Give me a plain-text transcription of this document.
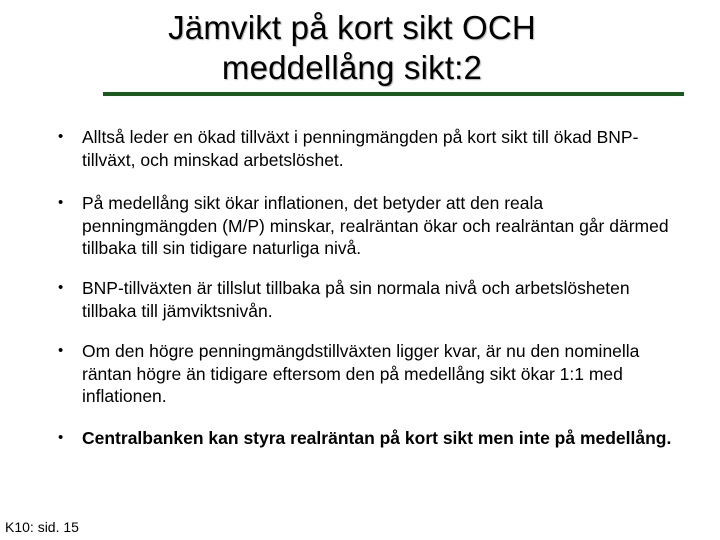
Jämvikt på kort sikt OCH
meddellång sikt:2
• Alltså leder en ökad tillväxt i penningmängden på kort sikt till ökad BNP-tillväxt, och minskad arbetslöshet.
• På medellång sikt ökar inflationen, det betyder att den reala penningmängden (M/P) minskar, realräntan ökar och realräntan går därmed tillbaka till sin tidigare naturliga nivå.
• BNP-tillväxten är tillslut tillbaka på sin normala nivå och arbetslösheten tillbaka till jämviktsnivån.
• Om den högre penningmängdstillväxten ligger kvar, är nu den nominella räntan högre än tidigare eftersom den på medellång sikt ökar 1:1 med inflationen.
• Centralbanken kan styra realräntan på kort sikt men inte på medellång.
K10: sid. 15
